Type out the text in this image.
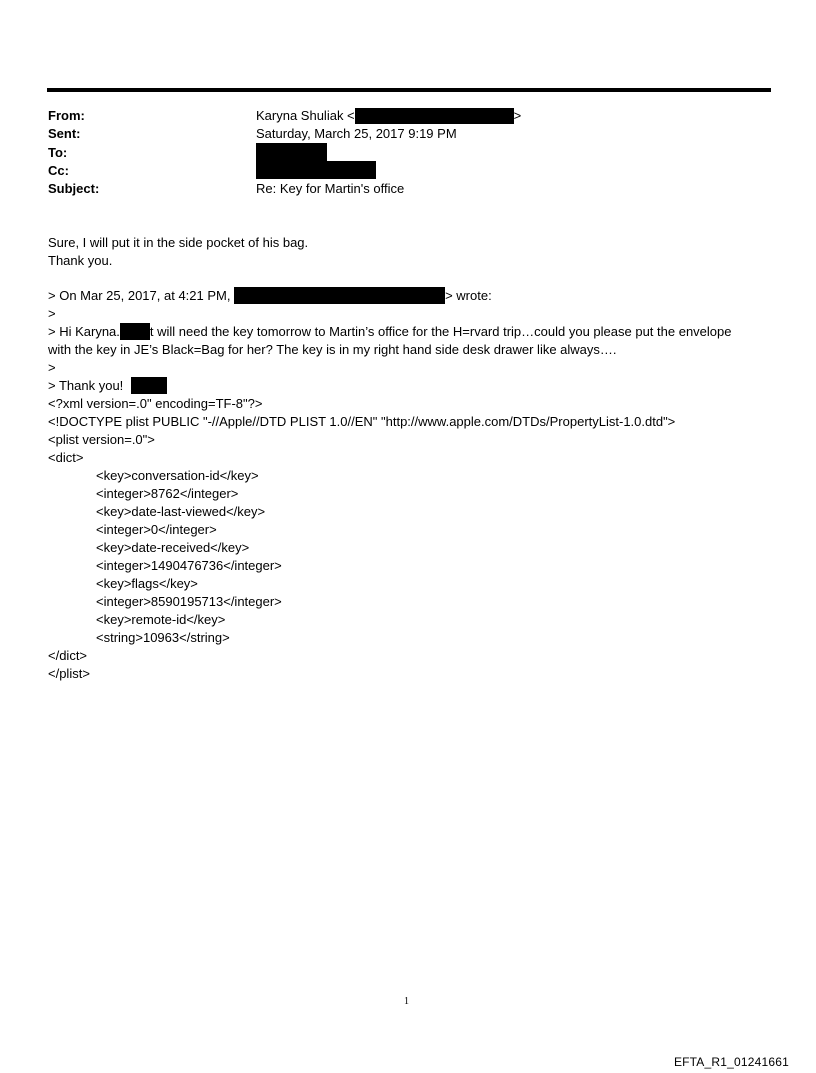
From:
Sent:
To:
Cc:
Subject:
Karyna Shuliak <	>
Saturday, March 25, 2017 9:19 PM
Re: Key for Martin's office
Sure, I will put it in the side pocket of his bag.
Thank you.
> On Mar 25, 2017, at 4:21 PM,	> wrote:
>
> Hi Karyna. t will need the key tomorrow to Martin’s office for the H=rvard trip…could you please put the envelope
with the key in JE’s Black=Bag for her? The key is in my right hand side desk drawer like always….
>
> Thank you!
<?xml version=.0" encoding=TF-8"?>
<!DOCTYPE plist PUBLIC "-//Apple//DTD PLIST 1.0//EN" "http://www.apple.com/DTDs/PropertyList-1.0.dtd">
<plist version=.0">
<dict>
<key>conversation-id</key>
<integer>8762</integer>
<key>date-last-viewed</key>
<integer>0</integer>
<key>date-received</key>
<integer>1490476736</integer>
<key>flags</key>
<integer>8590195713</integer>
<key>remote-id</key>
<string>10963</string>
</dict>
</plist>
1
EFTA_R1_01241661
